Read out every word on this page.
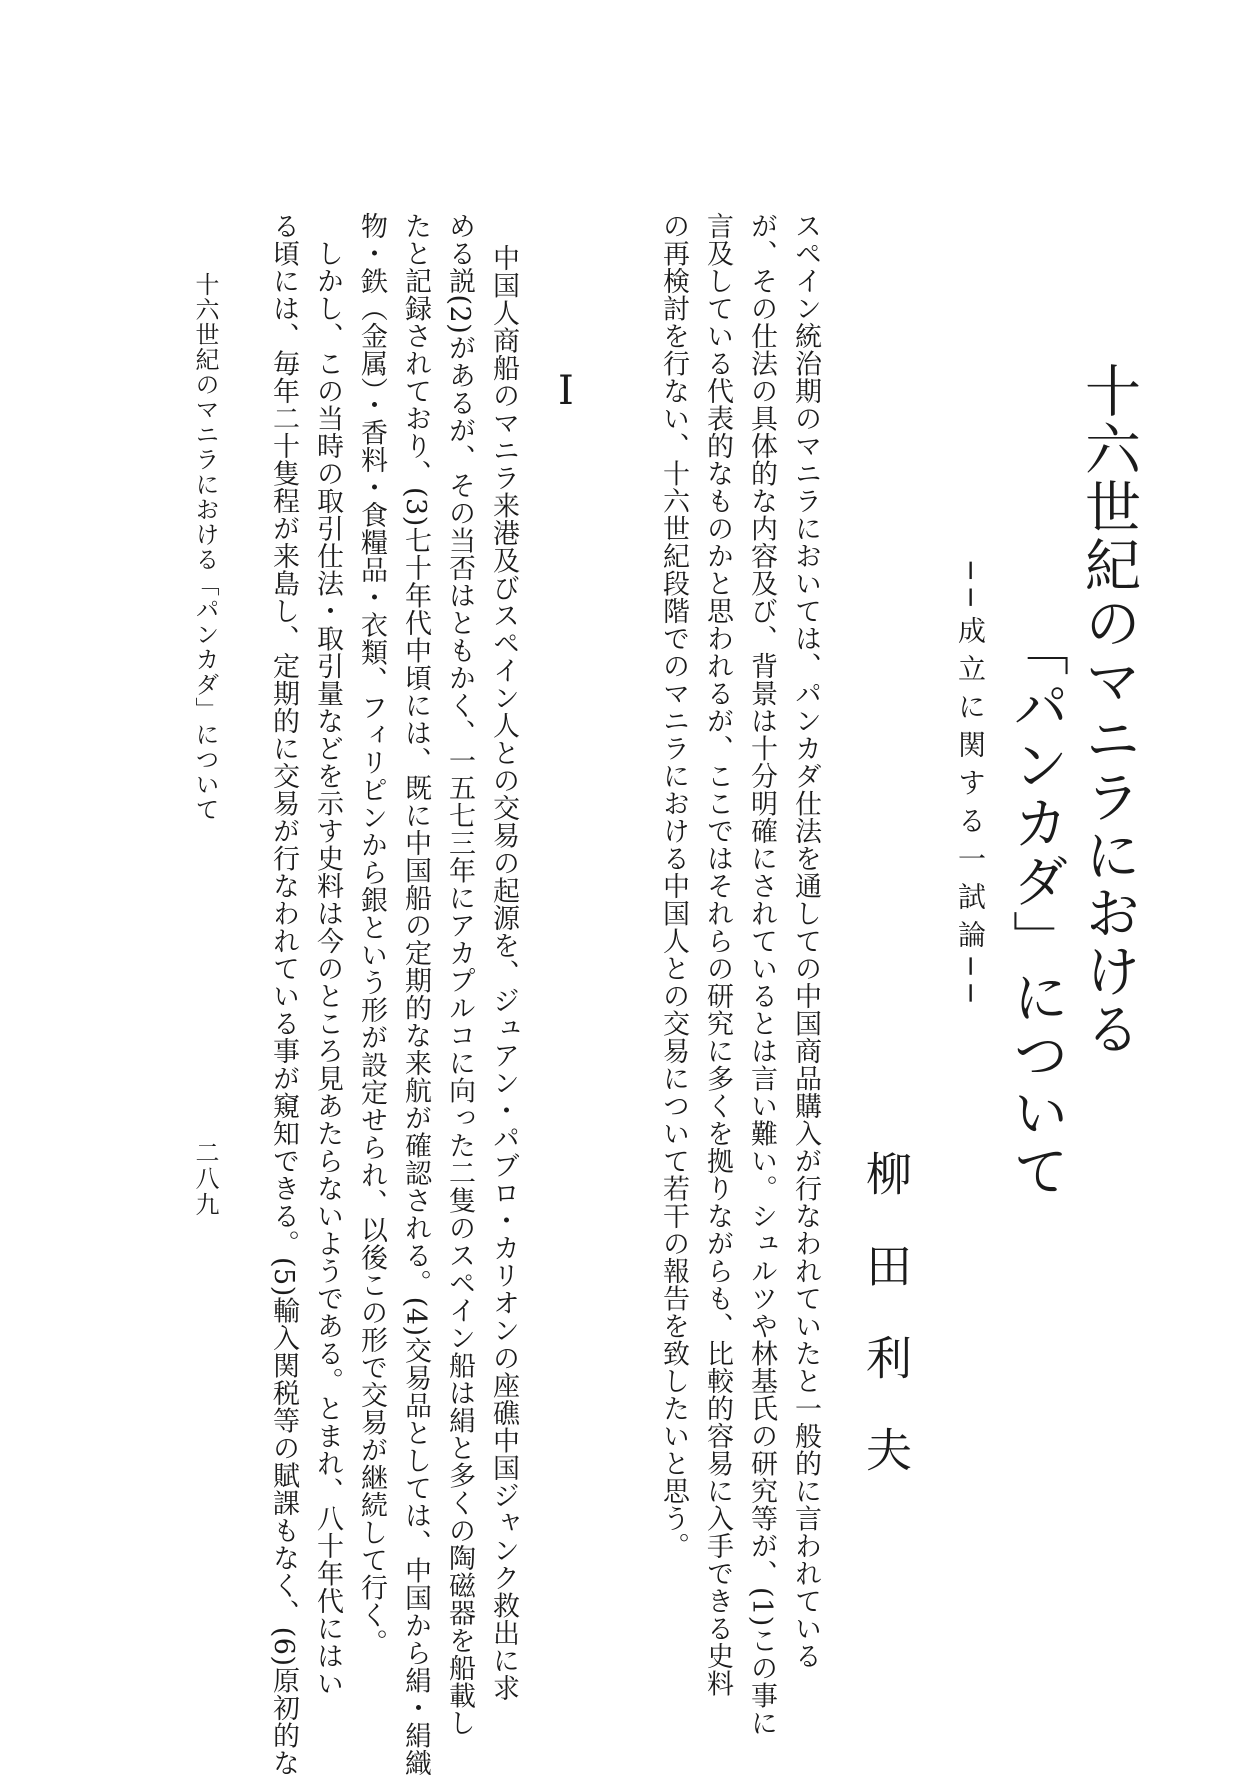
十六世紀のマニラにおける
「パンカダ」について
──成立に関する一試論──
柳　田　利　夫
スペイン統治期のマニラにおいては、パンカダ仕法を通しての中国商品購入が行なわれていたと一般的に言われている
が、その仕法の具体的な内容及び、背景は十分明確にされているとは言い難い。シュルツや林基氏の研究等が、(1)この事に
言及している代表的なものかと思われるが、ここではそれらの研究に多くを拠りながらも、比較的容易に入手できる史料
の再検討を行ない、十六世紀段階でのマニラにおける中国人との交易について若干の報告を致したいと思う。
I
中国人商船のマニラ来港及びスペイン人との交易の起源を、ジュアン・パブロ・カリオンの座礁中国ジャンク救出に求
める説(2)があるが、その当否はともかく、一五七三年にアカプルコに向った二隻のスペイン船は絹と多くの陶磁器を船載し
たと記録されており、(3)七十年代中頃には、既に中国船の定期的な来航が確認される。(4)交易品としては、中国から絹・絹織
物・鉄（金属）・香料・食糧品・衣類、フィリピンから銀という形が設定せられ、以後この形で交易が継続して行く。
　しかし、この当時の取引仕法・取引量などを示す史料は今のところ見あたらないようである。とまれ、八十年代にはい
る頃には、毎年二十隻程が来島し、定期的に交易が行なわれている事が窺知できる。(5)輸入関税等の賦課もなく、(6)原初的な
十六世紀のマニラにおける「パンカダ」について
二八九
